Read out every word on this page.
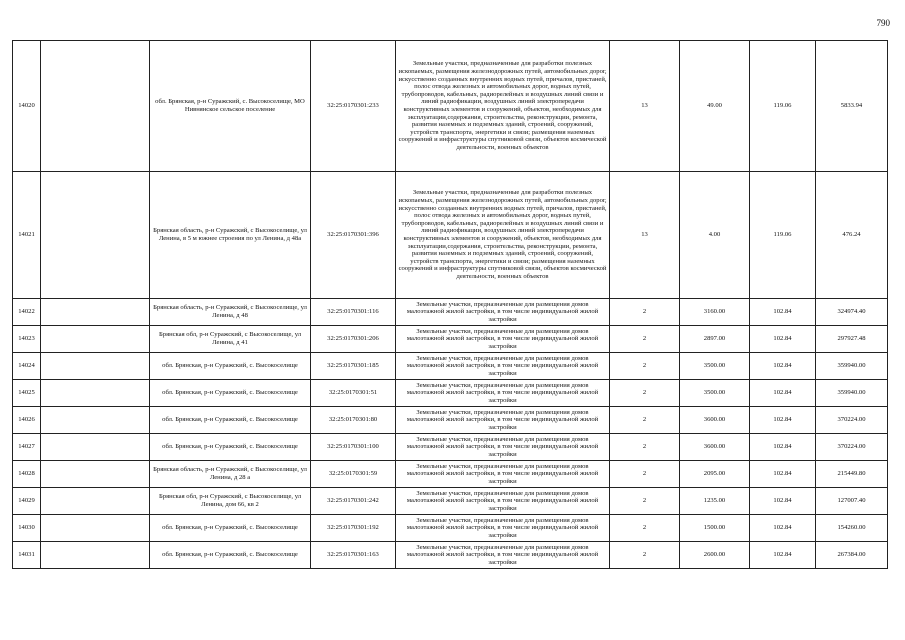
790
14020		обл. Брянская, р-н Суражский, с. Высокоселище, МО Нивнянское сельское поселение	32:25:0170301:233	Земельные участки, предназначенные для разработки полезных ископаемых, размещения железнодорожных путей, автомобильных дорог, искусственно созданных внутренних водных путей, причалов, пристаней, полос отвода железных и автомобильных дорог, водных путей, трубопроводов, кабельных, радиорелейных и воздушных линий связи и линий радиофикации, воздушных линий электропередачи конструктивных элементов и сооружений, объектов, необходимых для эксплуатации,содержания, строительства, реконструкции, ремонта, развития наземных и подземных зданий, строений, сооружений, устройств транспорта, энергетики и связи; размещения наземных сооружений и инфраструктуры спутниковой связи, объектов космической деятельности, военных объектов	13	49.00	119.06	5833.94
14021		Брянская область, р-н Суражский, с Высокоселище, ул Ленина, в 5 м южнее строения по ул Ленина, д 48а	32:25:0170301:396	Земельные участки, предназначенные для разработки полезных ископаемых, размещения железнодорожных путей, автомобильных дорог, искусственно созданных внутренних водных путей, причалов, пристаней, полос отвода железных и автомобильных дорог, водных путей, трубопроводов, кабельных, радиорелейных и воздушных линий связи и линий радиофикации, воздушных линий электропередачи конструктивных элементов и сооружений, объектов, необходимых для эксплуатации,содержания, строительства, реконструкции, ремонта, развития наземных и подземных зданий, строений, сооружений, устройств транспорта, энергетики и связи; размещения наземных сооружений и инфраструктуры спутниковой связи, объектов космической деятельности, военных объектов	13	4.00	119.06	476.24
14022		Брянская область, р-н Суражский, с Высокоселище, ул Ленина, д 48	32:25:0170301:116	Земельные участки, предназначенные для размещения домов малоэтажной жилой застройки, в том числе индивидуальной жилой застройки	2	3160.00	102.84	324974.40
14023		Брянская обл, р-н Суражский, с Высокоселище, ул Ленина, д 41	32:25:0170301:206	Земельные участки, предназначенные для размещения домов малоэтажной жилой застройки, в том числе индивидуальной жилой застройки	2	2897.00	102.84	297927.48
14024		обл. Брянская, р-н Суражский, с. Высокоселище	32:25:0170301:185	Земельные участки, предназначенные для размещения домов малоэтажной жилой застройки, в том числе индивидуальной жилой застройки	2	3500.00	102.84	359940.00
14025		обл. Брянская, р-н Суражский, с. Высокоселище	32:25:0170301:51	Земельные участки, предназначенные для размещения домов малоэтажной жилой застройки, в том числе индивидуальной жилой застройки	2	3500.00	102.84	359940.00
14026		обл. Брянская, р-н Суражский, с. Высокоселище	32:25:0170301:80	Земельные участки, предназначенные для размещения домов малоэтажной жилой застройки, в том числе индивидуальной жилой застройки	2	3600.00	102.84	370224.00
14027		обл. Брянская, р-н Суражский, с. Высокоселище	32:25:0170301:100	Земельные участки, предназначенные для размещения домов малоэтажной жилой застройки, в том числе индивидуальной жилой застройки	2	3600.00	102.84	370224.00
14028		Брянская область, р-н Суражский, с Высокоселище, ул Ленина, д 28 а	32:25:0170301:59	Земельные участки, предназначенные для размещения домов малоэтажной жилой застройки, в том числе индивидуальной жилой застройки	2	2095.00	102.84	215449.80
14029		Брянская обл, р-н Суражский, с Высокоселище, ул Ленина, дом 66, кв 2	32:25:0170301:242	Земельные участки, предназначенные для размещения домов малоэтажной жилой застройки, в том числе индивидуальной жилой застройки	2	1235.00	102.84	127007.40
14030		обл. Брянская, р-н Суражский, с. Высокоселище	32:25:0170301:192	Земельные участки, предназначенные для размещения домов малоэтажной жилой застройки, в том числе индивидуальной жилой застройки	2	1500.00	102.84	154260.00
14031		обл. Брянская, р-н Суражский, с. Высокоселище	32:25:0170301:163	Земельные участки, предназначенные для размещения домов малоэтажной жилой застройки, в том числе индивидуальной жилой застройки	2	2600.00	102.84	267384.00
